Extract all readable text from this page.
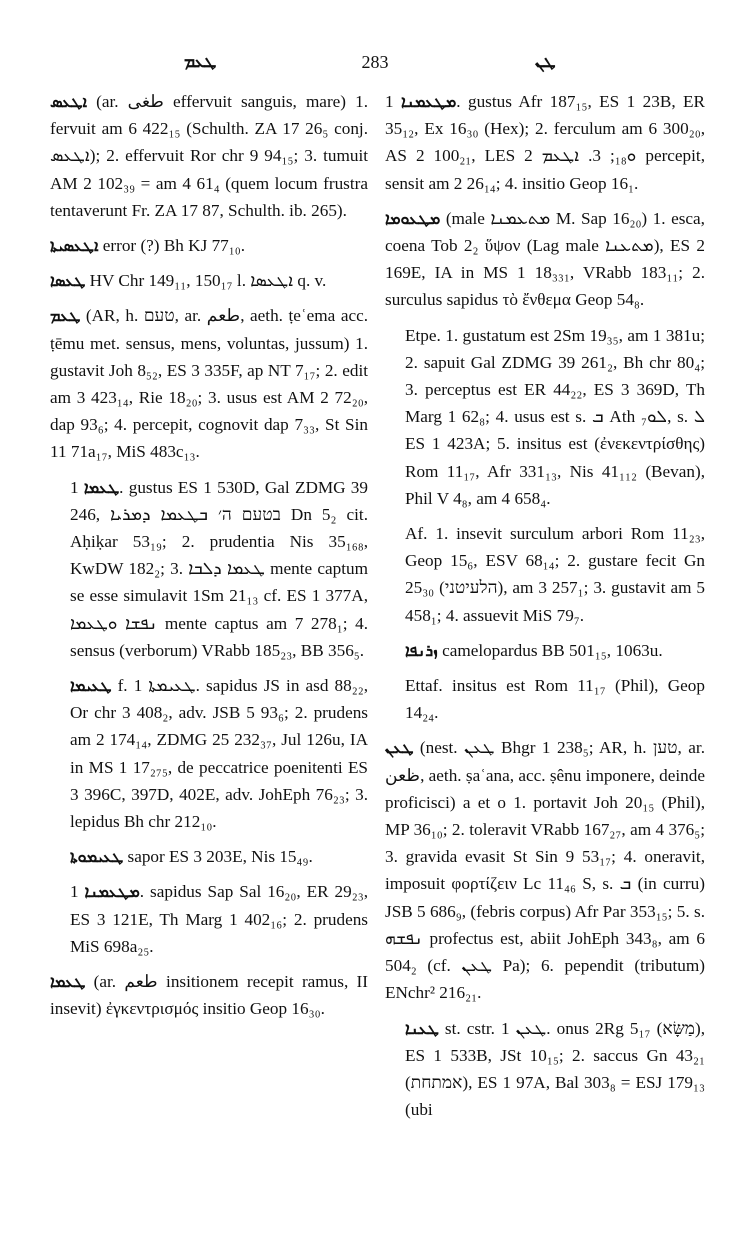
ܛܥܡ	283	ܛܢ

ܐܛܥܣ (ar. طغى effervuit sanguis, mare) 1. fervuit am 6 422₁₅ (Schulth. ZA 17 26₅ conj. ܐܛܥܣ); 2. effervuit Ror chr 9 94₁₅; 3. tumuit AM 2 102₃₉ = am 4 61₄ (quem locum frustra tentaverunt Fr. ZA 17 87, Schulth. ib. 265).

ܐܛܥܣܝܬܐ error (?) Bh KJ 77₁₀.

ܛܥܣܐ HV Chr 149₁₁, 150₁₇ l. ܐܛܥܣܐ q. v.

ܛܥܡ (AR, h. טעם, ar. طعم, aeth. ṭeʿema acc. ṭēmu met. sensus, mens, voluntas, jussum) 1. gustavit Joh 8₅₂, ES 3 335F, ap NT 7₁₇; 2. edit am 3 423₁₄, Rie 18₂₀; 3. usus est AM 2 72₂₀, dap 93₆; 4. percepit, cognovit dap 7₃₃, St Sin 11 71a₁₇, MiS 483c₁₃.

ܛܥܡܐ 1. gustus ES 1 530D, Gal ZDMG 39 246, בטעם ה׳ ܒܛܥܡܐ ܕܡܪܝܐ Dn 5₂ cit. Aḥiḳar 53₁₉; 2. prudentia Nis 35₁₆₈, KwDW 182₂; 3. ܛܥܡܐ ܕܠܒܐ mente captum se esse simulavit 1Sm 21₁₃ cf. ES 1 377A, ܢܦܫܐ ܘܛܥܡܐ mente captus am 7 278₁; 4. sensus (verborum) VRabb 185₂₃, BB 356₅.

ܛܥܝܡܐ f. ܛܥܝܡܬܐ 1. sapidus JS in asd 88₂₂, Or chr 3 408₂, adv. JSB 5 93₆; 2. prudens am 2 174₁₄, ZDMG 25 232₃₇, Jul 126u, IA in MS 1 17₂₇₅, de peccatrice poenitenti ES 3 396C, 397D, 402E, adv. JohEph 76₂₃; 3. lepidus Bh chr 212₁₀.

ܛܥܝܡܘܬܐ sapor ES 3 203E, Nis 15₄₉.

ܡܛܥܡܢܐ 1. sapidus Sap Sal 16₂₀, ER 29₂₃, ES 3 121E, Th Marg 1 402₁₆; 2. prudens MiS 698a₂₅.

ܛܥܡܐ (ar. طعم insitionem recepit ramus, II insevit) ἐγκεντρισμός insitio Geop 16₃₀.

ܡܛܥܡܢܐ 1. gustus Afr 187₁₅, ES 1 23B, ER 35₁₂, Ex 16₃₀ (Hex); 2. ferculum am 6 300₂₀, AS 2 100₂₁, LES 2 ܘ₁₈; 3. ܐܛܥܡ percepit, sensit am 2 26₁₄; 4. insitio Geop 16₁.

ܡܛܥܘܡܐ (male ܡܬܥܡܢܐ M. Sap 16₂₀) 1. esca, coena Tob 2₂ ὕψον (Lag male ܡܬܥܢܐ), ES 2 169E, IA in MS 1 18₃₃₁, VRabb 183₁₁; 2. surculus sapidus τὸ ἔνθεμα Geop 54₈.

Etpe. 1. gustatum est 2Sm 19₃₅, am 1 381u; 2. sapuit Gal ZDMG 39 261₂, Bh chr 80₄; 3. perceptus est ER 44₂₂, ES 3 369D, Th Marg 1 62₈; 4. usus est s. ܒ Ath ܠܘ₇, s. ܠ ES 1 423A; 5. insitus est (ἐνεκεντρίσθης) Rom 11₁₇, Afr 331₁₃, Nis 41₁₁₂ (Bevan), Phil V 4₈, am 4 658₄.

Af. 1. insevit surculum arbori Rom 11₂₃, Geop 15₆, ESV 68₁₄; 2. gustare fecit Gn 25₃₀ (הלעיטני), am 3 257₁; 3. gustavit am 5 458₁; 4. assuevit MiS 79₇.

ܙܪܢܦܐ camelopardus BB 501₁₅, 1063u.

Ettaf. insitus est Rom 11₁₇ (Phil), Geop 14₂₄.

ܛܥܢ (nest. ܛܥܢ Bhgr 1 238₅; AR, h. טען, ar. ظعن, aeth. ṣaʿana, acc. ṣênu imponere, deinde proficisci) a et o 1. portavit Joh 20₁₅ (Phil), MP 36₁₀; 2. toleravit VRabb 167₂₇, am 4 376₅; 3. gravida evasit St Sin 9 53₁₇; 4. oneravit, imposuit φορτίζειν Lc 11₄₆ S, s. ܒ (in curru) JSB 5 686₉, (febris corpus) Afr Par 353₁₅; 5. s. ܢܦܫܗ profectus est, abiit JohEph 343₈, am 6 504₂ (cf. ܛܥܢ Pa); 6. pependit (tributum) ENchr² 216₂₁.

ܛܥܢܐ st. cstr. ܛܥܢ 1. onus 2Rg 5₁₇ (מַשָּׂא), ES 1 533B, JSt 10₁₅; 2. saccus Gn 43₂₁ (אמתחת), ES 1 97A, Bal 303₈ = ESJ 179₁₃ (ubi
